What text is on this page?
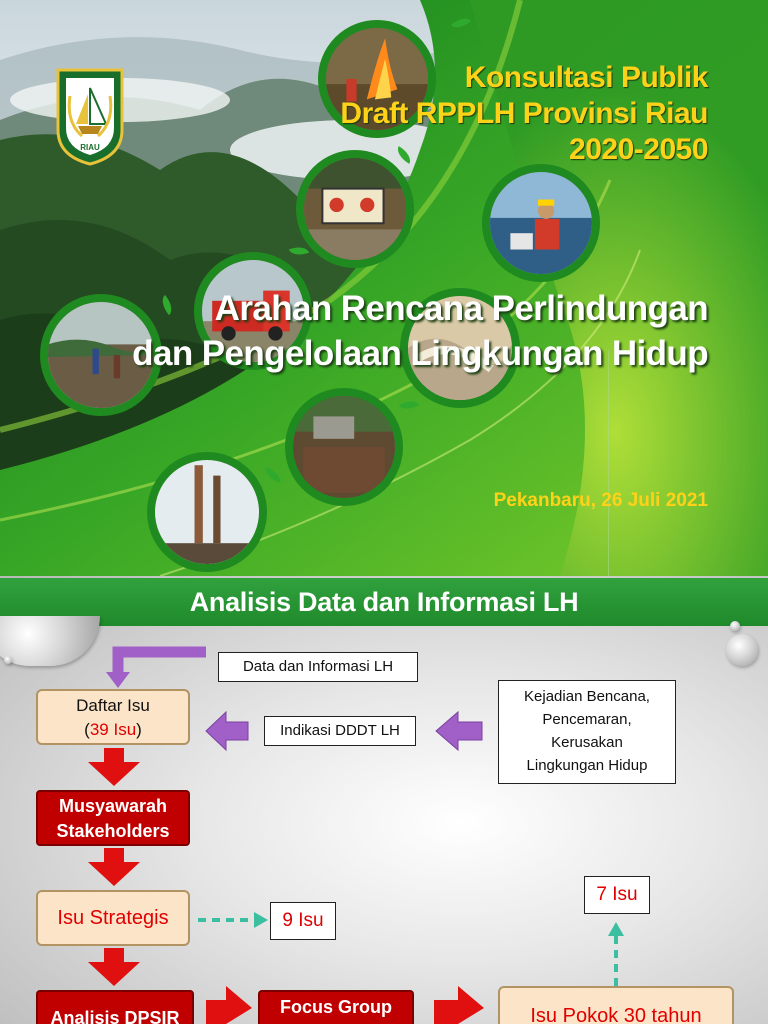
RIAU
Konsultasi Publik
Draft RPPLH Provinsi Riau
2020-2050
Arahan Rencana Perlindungan
dan Pengelolaan Lingkungan Hidup
Pekanbaru, 26 Juli 2021
Analisis Data dan Informasi LH
Data dan Informasi LH
Daftar Isu
(39 Isu)	Indikasi DDDT LH
Kejadian Bencana,
Pencemaran,
Kerusakan
Lingkungan Hidup
Musyawarah
Stakeholders
Isu Strategis	9 Isu
7 Isu
Analisis DPSIR
Focus Group	Isu Pokok 30 tahun
